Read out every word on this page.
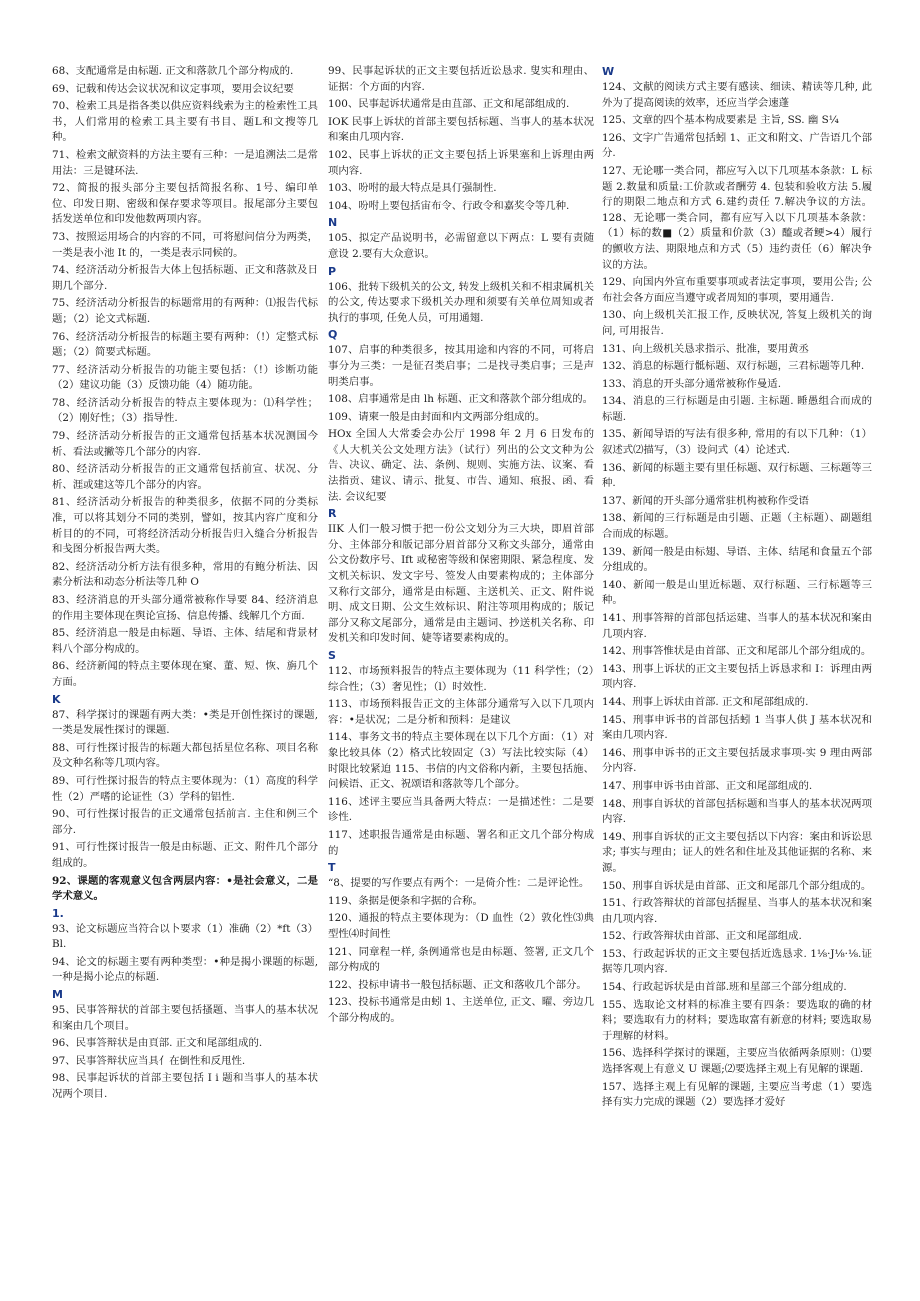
68、支配通常是由标题. 正文和落款几个部分构成的.
69、记载和传达会议状况和议定事项，要用会议纪要
70、检索工具是指各类以供应资料线索为主的检索性工具书，人们常用的检索工具主要有书目、题L和文搜等几种。
71、检索文献资料的方法主要有三种：一是追溯法二是常用法：三是键环法.
72、简报的报头部分主要包括简报名称、1号、编印单位、印发日期、密级和保存要求等项目。报尾部分主要包括发送单位和印发他数两项内容。
73、按照运用场合的内容的不同，可将慰问信分为两类，一类是表小池 It 的，一类是表示同候的。
74、经济活动分析报告大体上包括标题、正文和落款及日期几个部分.
75、经济活动分析报告的标题常用的有两种：⑴报告代标题；（2）论文式标题.
76、经济活动分析报告的标题主要有两种：（!）定整式标题；（2）简要式标题。
77、经济活动分析报告的功能主要包括：（!）诊断功能（2）建议功能（3）反馈功能（4）随功能。
78、经济活动分析报告的特点主要体现为：⑴科学性；（2）刚好性；（3）指导性.
79、经济活动分析报告的正文通常包括基本状况测国今析、看法或撇等几个部分的内容.
80、经济活动分析报告的正文通常包括前宣、状况、分析、涯或建这等几个部分的内容。
81、经济活动分析报告的种类很多，依据不同的分类标准，可以将其划分不同的类别，譬如，按其内容广度和分析目的的不同，可将经济活动分析报告归入缝合分析报告和戋图分析报告两大类。
82、经济活动分析方法有很多种，常用的有鲍分析法、因素分析法和动态分析法等几种 O
83、经济消息的开头部分通常被称作导要 84、经济消息的作用主要体现在舆论宣扬、信息传播、线解几个方面.
85、经济消息一般是由标题、导语、主体、结尾和背景材料八个部分构成的。
86、经济新闻的特点主要体现在窠、董、短、恢、旃几个方面。
K
87、科学探讨的课题有两大类：•类是开创性探讨的课题, 一类是发展性探讨的课题.
88、可行性探讨报告的标题大都包括星位名称、项目名称及文种名称等几项内容。
89、可行性探讨报告的特点主要体现为：（1）高度的科学性（2）严嗜的论证性（3）学科的铝性.
90、可行性探讨报告的正文通常包括前言. 主住和例三个部分.
91、可行性探讨报告一般是由标题、正文、附件几个部分组成的。
92、课题的客观意义包含两层内容：•是社会意义，二是学术意义。
1.
93、论文标题应当符合以卜要求（1）准确（2）*ft（3）Bl.
94、论文的标题主要有两种类型：•种是揭小课题的标题, 一种是揭小论点的标题.
M
95、民事答辩状的首部主要包括搔题、当事人的基本状况和案由几个项目。
96、民事答辩状是由頁部. 正文和尾部组成的.
97、民事答辩状应当具亻在倒性和反甩性.
98、民事起诉状的首部主要包括 I i 题和当事人的基本状况两个项目.
99、民事起诉状的正文主要包括近讼恳求. 叟实和理由、证据：个方面的内容.
100、民事起诉状通常是由苴部、正文和尾部组成的.
IOK 民事上诉状的首部主要包括标题、当事人的基本状况和案由几项内容.
102、民事上诉状的正文主要包括上诉果塞和上诉理由两项内容.
103、吩咐的最大特点是具仃强制性.
104、吩咐上要包括宙布令、行政令和嘉奖令等几种.
N
105、拟定产品说明书，必需留意以下两点：L 要有责随意设 2.要有大众意识。
P
106、批转下级机关的公文, 转发上级机关和不相隶属机关的公文, 传达要求下级机关办理和须要有关单位周知或者执行的事项, 任免人员，可用通翅.
Q
107、启事的种类很多，按其用途和内容的不同，可将启事分为三类：一是征召类启事；二是找寻类启事；三是声明类启事。
108、启事通常是由 lh 标题、正文和落款个部分组成的。
109、请柬一般是由封面和内文两部分组成的。
HOx 全国人大常委会办公厅 1998 年 2 月 6 日发布的《人大机关公文处理方法》（试行）列出的公文文种为公告、决议、确定、法、条例、规则、实施方法、议案、看法指贡、建议、请示、批复、市告、通知、痕报、函、看法. 会议纪要
R
IIK 人们一般习惯于把一份公文划分为三大块，即眉首部分、主体部分和版记部分眉首部分又称文头部分，通常由公文份数序号、Ift 或秘密等级和保密期限、紧急程度、发文机关标识、发文字号、签发人由要素构成的；主体部分又称行文部分，通常是由标题、主送机关、正文、附件说明、成文日期、公文生效标识、附注等项用构成的；版记部分又称文尾部分，通常是由主题词、抄送机关名称、印发机关和印发时间、婕等诸要素构成的。
S
112、市场预料报告的特点主要体现为（11 科学性；（2）综合性；（3）奢见性；（l）时效性.
113、市场预料报告正文的主体部分通常写入以下几项内容：•是状况；二是分析和预料：是建议
114、事务文书的特点主要体现在以下几个方面：（1）对象比较具体（2）格式比较固定（3）写法比较实际（4）时限比较紧迫 115、书信的内文俗称内新，主要包括施、问候语、正文、祝颂语和落款等几个部分。
116、述评主要应当具备两大特点：一是描述性：二是要诊性.
117、述职报告通常是由标题、署名和正文几个部分构成的
T
“8、提要的写作要点有两个：一是倚介性：二是评论性。
119、条据是便条和字据的合称。
120、通报的特点主要体现为：（D 血性（2）敦化性⑶典型性⑷时间性
121、同章程一样, 条例通常也是由标题、签署, 正文几个部分构成的
122、投标申请书一般包括标题、正文和落收几个部分。
123、投标书通常是由蚓 1、主送单位, 正文、曜、旁边几个部分构成的。
W
124、文献的阅读方式主要有感读、细读、精读等几种, 此外为了提高阅读的效率，还应当学会速蓬
125、文章的四个基本构成要素是 主旨, SS. 幽 S¼
126、文字广告通常包括蚓 1、正文和附文、广告语几个部分.
127、无论哪一类合同，都应写入以下几项基本条款：L 标题 2.数量和质量:工价款或者酬劳 4. 包装和验收方法 5.履行的期限二地点和方式 6.建约责任 7.解决争议的方法。128、无论哪一类合同，都有应写入以下几项基本条款：（1）标的数■（2）质量和价款（3）醯或者鲠>4）履行的颤收方法、期限地点和方式（5）违约责任（6）解决争议的方法。
129、向国内外宣布重要事项或者法定事项，要用公告; 公布社会各方面应当遵守或者周知的事项，要用通告.
130、向上级机关汇报工作, 反映状况, 答复上级机关的询问, 可用报告.
131、向上级机关恳求指示、批准，要用黄丞
132、消息的标题行骶标题、双行标题，三君标题等几种.
133、消息的开头部分通常被称作曼适.
134、消息的三行标题是由引题. 主标题. 睡愚组合而成的标题.
135、新闻导语的写法有很多种, 常用的有以下几种：（1）叙述式⑵描写，（3）设问式（4）论述式.
136、新闻的标题主要有里任标题、双行标题、三标题等三种.
137、新闻的开头部分通常驻机构被称作受语
138、新闻的三行标题是由引题、正题（主标题）、副题组合而成的标题。
139、新闻一般是由标翅、导语、主体、结尾和食量五个部分组成的。
140、新闻一般是山里近标题、双行标题、三行标题等三种。
141、刑事答辩的首部包括运建、当事人的基本状况和案由几项内容.
142、刑事答惟状是由首部、正文和尾部儿个部分组成的。
143、刑事上诉状的正文主要包括上诉恳求和 I：诉理由两项内容.
144、刑事上诉状由首部. 正文和尾部组成的.
145、刑事申诉书的首部包括蚓 1 当事人供 J 基本状况和案由几项内容.
146、刑事申诉书的正文主要包括晟求事项-实 9 理由两部分内容.
147、刑事申诉书由首部、正文和尾部组成的.
148、刑事自诉状的首部包括标题和当事人的基本状况两项内容.
149、刑事自诉状的正文主要包括以下内容：案由和诉讼思求; 事实与理由；证人的姓名和住址及其他证据的名称、来源。
150、刑事自诉状是由首部、正文和尾部几个部分组成的。
151、行政答辩状的首部包括握星、当事人的基本状况和案由几项内容.
152、行政答辩状由首部、正文和尾部组成.
153、行政起诉状的正文主要包括近选恳求. 1⅛·J⅛·⅛.证据等几项内容.
154、行政起诉状是由首部.班和星部三个部分组成的.
155、选取论文材料的标准主要有四条：要选取的确的材料；要选取有力的材料；要选取富有新意的材料; 要选取易于理解的材料。
156、选择科学探讨的课题，主要应当依循两条原则：⑴要选择客观上有意义 U 课题;⑵要选择主观上有见解的课题.
157、选择主观上有见解的课题, 主要应当考虑（1）要选择有实力完成的课题（2）要选择才爱好
